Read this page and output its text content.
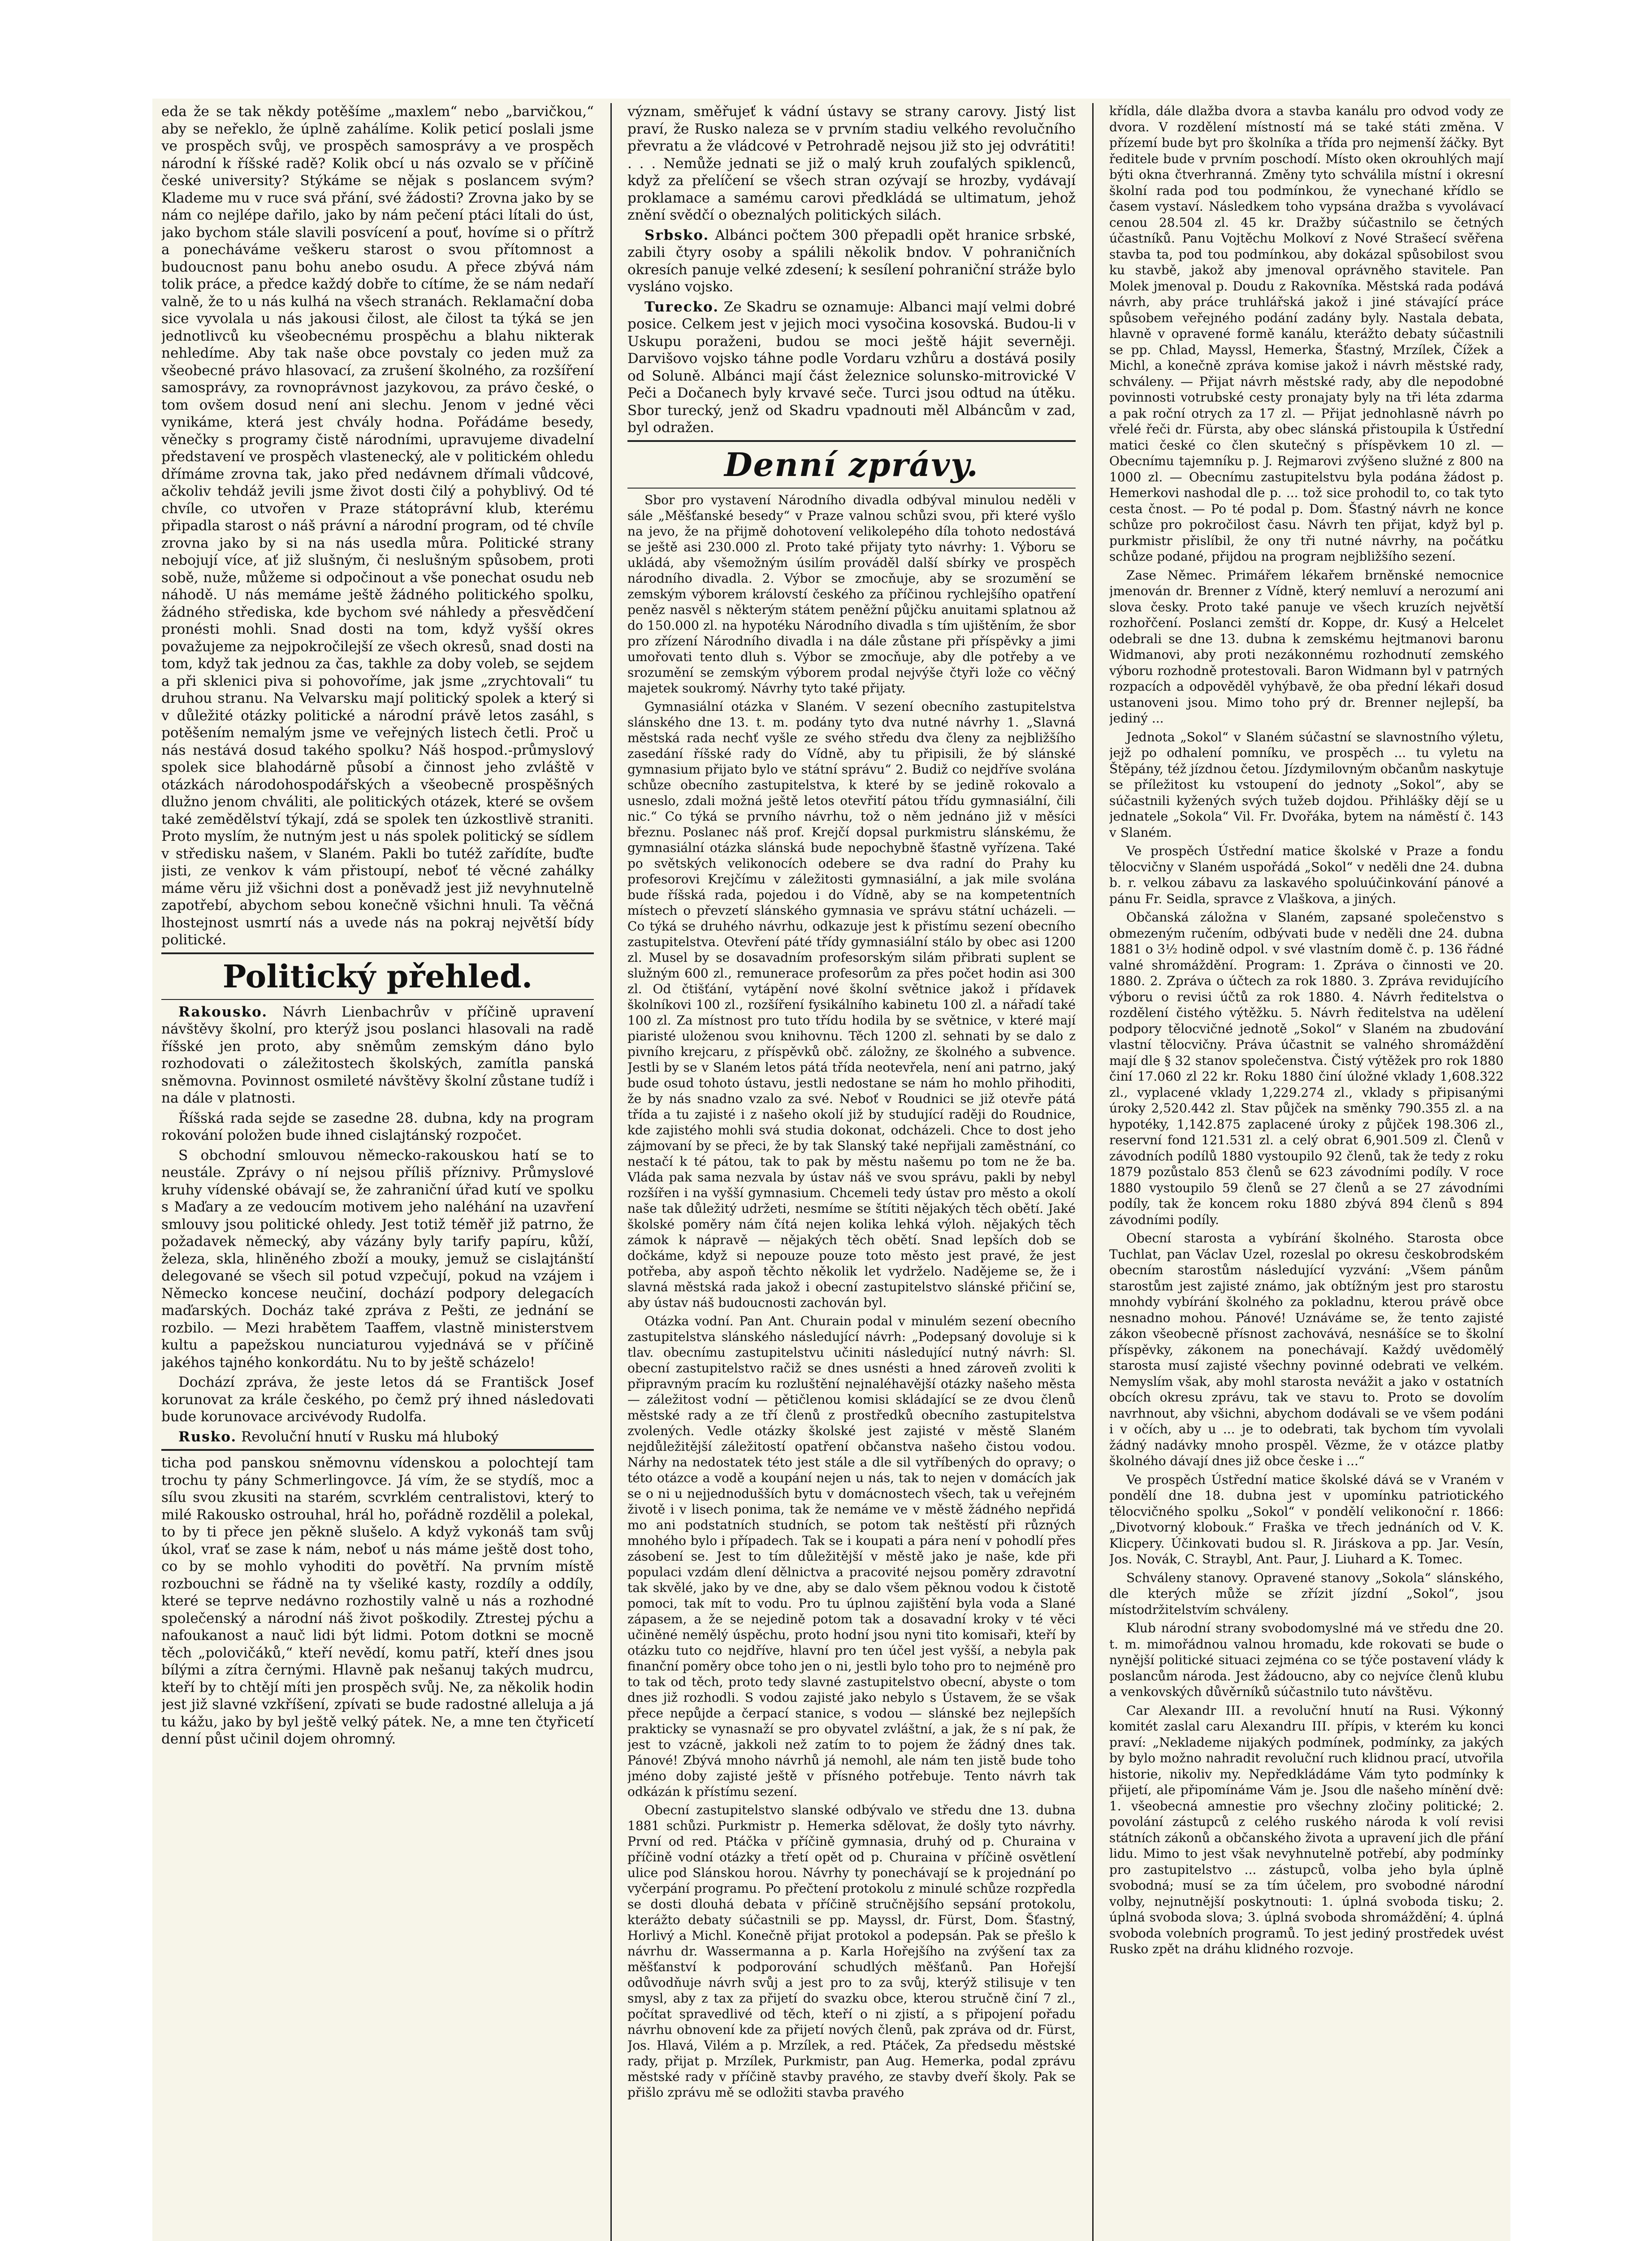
eda že se tak někdy potěšíme „maxlem“ nebo „barvičkou,“ aby se neřeklo, že úplně zahálíme. Kolik peticí poslali jsme ve prospěch svůj, ve prospěch samosprávy a ve prospěch národní k říšské radě? Kolik obcí u nás ozvalo se v příčině české university? Stýkáme se nějak s poslancem svým? Klademe mu v ruce svá přání, své žádosti? Zrovna jako by se nám co nejlépe dařilo, jako by nám pečení ptáci lítali do úst, jako bychom stále slavili posvícení a pouť, hovíme si o přítrž a ponecháváme veškeru starost o svou přítomnost a budoucnost panu bohu anebo osudu. A přece zbývá nám tolik práce, a předce každý dobře to cítíme, že se nám nedaří valně, že to u nás kulhá na všech stranách. Reklamační doba sice vyvolala u nás jakousi čilost, ale čilost ta týká se jen jednotlivců ku všeobecnému prospěchu a blahu nikterak nehledíme. Aby tak naše obce povstaly co jeden muž za všeobecné právo hlasovací, za zrušení školného, za rozšíření samosprávy, za rovnoprávnost jazykovou, za právo české, o tom ovšem dosud není ani slechu. Jenom v jedné věci vynikáme, která jest chvály hodna. Pořádáme besedy, věnečky s programy čistě národními, upravujeme divadelní představení ve prospěch vlastenecký, ale v politickém ohledu dřímáme zrovna tak, jako před nedávnem dřímali vůdcové, ačkoliv tehdáž jevili jsme život dosti čilý a pohyblivý. Od té chvíle, co utvořen v Praze státoprávní klub, kterému připadla starost o náš právní a národní program, od té chvíle zrovna jako by si na nás usedla můra. Politické strany nebojují více, ať již slušným, či neslušným spůsobem, proti sobě, nuže, můžeme si odpočinout a vše ponechat osudu neb náhodě. U nás memáme ještě žádného politického spolku, žádného střediska, kde bychom své náhledy a přesvědčení pronésti mohli. Snad dosti na tom, když vyšší okres považujeme za nejpokročilejší ze všech okresů, snad dosti na tom, když tak jednou za čas, takhle za doby voleb, se sejdem a při sklenici piva si pohovoříme, jak jsme „zrychtovali“ tu druhou stranu. Na Velvarsku mají politický spolek a který si v důležité otázky politické a národní právě letos zasáhl, s potěšením nemalým jsme ve veřejných listech četli. Proč u nás nestává dosud takého spolku? Náš hospod.-průmyslový spolek sice blahodárně působí a činnost jeho zvláště v otázkách národohospodářských a všeobecně prospěšných dlužno jenom chváliti, ale politických otázek, které se ovšem také zemědělství týkají, zdá se spolek ten úzkostlivě straniti. Proto myslím, že nutným jest u nás spolek politický se sídlem v středisku našem, v Slaném. Pakli bo tutéž zařídíte, buďte jisti, ze venkov k vám přistoupí, neboť té věcné zahálky máme věru již všichni dost a poněvadž jest již nevyhnutelně zapotřebí, abychom sebou konečně všichni hnuli. Ta věčná lhostejnost usmrtí nás a uvede nás na pokraj největší bídy politické.

Politický přehled.

Rakousko. Návrh Lienbachrův v příčině upravení návštěvy školní, pro kterýž jsou poslanci hlasovali na radě říšské jen proto, aby sněmům zemským dáno bylo rozhodovati o záležitostech školských, zamítla panská sněmovna. Povinnost osmileté návštěvy školní zůstane tudíž i na dále v platnosti.

Říšská rada sejde se zasedne 28. dubna, kdy na program rokování položen bude ihned cislajtánský rozpočet.

S obchodní smlouvou německo-rakouskou hatí se to neustále. Zprávy o ní nejsou příliš příznivy. Průmyslové kruhy vídenské obávají se, že zahraniční úřad kutí ve spolku s Maďary a ze vedoucím motivem jeho naléhání na uzavření smlouvy jsou politické ohledy. Jest totiž téměř již patrno, že požadavek německý, aby vázány byly tarify papíru, kůží, železa, skla, hliněného zboží a mouky, jemuž se cislajtánští delegované se všech sil potud vzpečují, pokud na vzájem i Německo koncese neučiní, dochází podpory delegacích maďarských. Docház také zpráva z Pešti, ze jednání se rozbilo. — Mezi hrabětem Taaffem, vlastně ministerstvem kultu a papežskou nunciaturou vyjednává se v příčině jakéhos tajného konkordátu. Nu to by ještě scházelo!

Dochází zpráva, že jeste letos dá se Františck Josef korunovat za krále českého, po čemž prý ihned následovati bude korunovace arcivévody Rudolfa.

Rusko. Revoluční hnutí v Rusku má hluboký

ticha pod panskou sněmovnu vídenskou a polochtejí tam trochu ty pány Schmerlingovce. Já vím, že se stydíš, moc a sílu svou zkusiti na starém, scvrklém centralistovi, který to milé Rakousko ostrouhal, hrál ho, pořádně rozdělil a polekal, to by ti přece jen pěkně slušelo. A když vykonáš tam svůj úkol, vrať se zase k nám, neboť u nás máme ještě dost toho, co by se mohlo vyhoditi do povětří. Na prvním místě rozbouchni se řádně na ty všeliké kasty, rozdíly a oddíly, které se teprve nedávno rozhostily valně u nás a rozhodné společenský a národní náš život poškodily. Ztrestej pýchu a nafoukanost a nauč lidi být lidmi. Potom dotkni se mocně těch „polovičáků,“ kteří nevědí, komu patří, kteří dnes jsou bílými a zítra černými. Hlavně pak nešanuj takých mudrcu, kteří by to chtějí míti jen prospěch svůj. Ne, za několik hodin jest již slavné vzkříšení, zpívati se bude radostné alleluja a já tu kážu, jako by byl ještě velký pátek. Ne, a mne ten čtyřicetí denní půst učinil dojem ohromný.

význam, směřujeť k vádní ústavy se strany carovy. Jistý list praví, že Rusko naleza se v prvním stadiu velkého revolučního převratu a že vládcové v Petrohradě nejsou již sto jej odvrátiti! . . . Nemůže jednati se již o malý kruh zoufalých spiklenců, když za přelíčení se všech stran ozývají se hrozby, vydávají proklamace a samému carovi předkládá se ultimatum, jehož znění svědčí o obeznalých politických silách.

Srbsko. Albánci počtem 300 přepadli opět hranice srbské, zabili čtyry osoby a spálili několik bndov. V pohraničních okresích panuje velké zdesení; k sesílení pohraniční stráže bylo vysláno vojsko.

Turecko. Ze Skadru se oznamuje: Albanci mají velmi dobré posice. Celkem jest v jejich moci vysočina kosovská. Budou-li v Uskupu poraženi, budou se moci ještě hájit severněji. Darvišovo vojsko táhne podle Vordaru vzhůru a dostává posily od Soluně. Albánci mají část železnice solunsko-mitrovické V Peči a Dočanech byly krvavé seče. Turci jsou odtud na útěku. Sbor turecký, jenž od Skadru vpadnouti měl Albáncům v zad, byl odražen.

Denní zprávy.

Sbor pro vystavení Národního divadla odbýval minulou neděli v sále „Měšťanské besedy“ v Praze valnou schůzi svou, při které vyšlo na jevo, že na přijmě dohotovení velikolepého díla tohoto nedostává se ještě asi 230.000 zl. Proto také přijaty tyto návrhy: 1. Výboru se ukládá, aby všemožným úsilím prováděl další sbírky ve prospěch národního divadla. 2. Výbor se zmocňuje, aby se srozumění se zemským výborem královstí českého za příčinou rychlejšího opatření peněz nasvěl s některým státem peněžní půjčku anuitami splatnou až do 150.000 zl. na hypotéku Národního divadla s tím ujištěním, že sbor pro zřízení Národního divadla i na dále zůstane při příspěvky a jimi umořovati tento dluh s. Výbor se zmocňuje, aby dle potřeby a ve srozumění se zemským výborem prodal nejvýše čtyři lože co věčný majetek soukromý. Návrhy tyto také přijaty.

Gymnasiální otázka v Slaném. V sezení obecního zastupitelstva slánského dne 13. t. m. podány tyto dva nutné návrhy 1. „Slavná městská rada nechť vyšle ze svého středu dva členy za nejbližšího zasedání říšské rady do Vídně, aby tu připisili, že bý slánské gymnasium přijato bylo ve státní správu“ 2. Budiž co nejdříve svolána schůze obecního zastupitelstva, k které by se jedině rokovalo a usneslo, zdali možná ještě letos otevřití pátou třídu gymnasiální, čili nic.“ Co týká se prvního návrhu, tož o něm jednáno již v měsíci březnu. Poslanec náš prof. Krejčí dopsal purkmistru slánskému, že gymnasiální otázka slánská bude nepochybně šťastně vyřízena. Také po světských velikonocích odebere se dva radní do Prahy ku profesorovi Krejčímu v záležitosti gymnasiální, a jak mile svolána bude říšská rada, pojedou i do Vídně, aby se na kompetentních místech o převzetí slánského gymnasia ve správu státní ucházeli. — Co týká se druhého návrhu, odkazuje jest k přistímu sezení obecního zastupitelstva. Otevření páté třídy gymnasiální stálo by obec asi 1200 zl. Musel by se dosavadním profesorským silám přibrati suplent se služným 600 zl., remunerace profesorům za přes počet hodin asi 300 zl. Od čtišťání, vytápění nové školní světnice jakož i přídavek školníkovi 100 zl., rozšíření fysikálního kabinetu 100 zl. a nářadí také 100 zl. Za místnost pro tuto třídu hodila by se světnice, v které mají piaristé uloženou svou knihovnu. Těch 1200 zl. sehnati by se dalo z pivního krejcaru, z příspěvků obč. záložny, ze školného a subvence. Jestli by se v Slaném letos pátá třída neotevřela, není ani patrno, jaký bude osud tohoto ústavu, jestli nedostane se nám ho mohlo přihoditi, že by nás snadno vzalo za své. Neboť v Roudnici se již otevře pátá třída a tu zajisté i z našeho okolí již by studující raději do Roudnice, kde zajistého mohli svá studia dokonat, odcházeli. Chce to dost jeho zájmovaní by se přeci, že by tak Slanský také nepřijali zaměstnání, co nestačí k té pátou, tak to pak by městu našemu po tom ne že ba. Vláda pak sama nezvala by ústav náš ve svou správu, pakli by nebyl rozšířen i na vyšší gymnasium. Chcemeli tedy ústav pro město a okolí naše tak důležitý udržeti, nesmíme se štítiti nějakých těch obětí. Jaké školské poměry nám čítá nejen kolika lehká výloh. nějakých těch zámok k nápravě — nějakých těch obětí. Snad lepších dob se dočkáme, když si nepouze pouze toto město jest pravé, že jest potřeba, aby aspoň těchto několik let vydrželo. Nadějeme se, že i slavná městská rada jakož i obecní zastupitelstvo slánské přičiní se, aby ústav náš budoucnosti zachován byl.

Otázka vodní. Pan Ant. Churain podal v minulém sezení obecního zastupitelstva slánského následující návrh: „Podepsaný dovoluje si k tlav. obecnímu zastupitelstvu učiniti následující nutný návrh: Sl. obecní zastupitelstvo račiž se dnes usnésti a hned zároveň zvoliti k připravným pracím ku rozluštění nejnaléhavější otázky našeho města — záležitost vodní — pětičlenou komisi skládající se ze dvou členů městské rady a ze tří členů z prostředků obecního zastupitelstva zvolených. Vedle otázky školské jest zajisté v městě Slaném nejdůležitější záležitostí opatření občanstva našeho čistou vodou. Nárhy na nedostatek této jest stále a dle sil vytříbených do opravy; o této otázce a vodě a koupání nejen u nás, tak to nejen v domácích jak se o ni u nejjednodušších bytu v domácnostech všech, tak u veřejném životě i v lisech ponima, tak že nemáme ve v městě žádného nepřidá mo ani podstatních studních, se potom tak neštěstí při různých mnohého bylo i případech. Tak se i koupati a pára není v pohodlí přes zásobení se. Jest to tím důležitější v městě jako je naše, kde při populaci vzdám dlení dělnictva a pracovité nejsou poměry zdravotní tak skvělé, jako by ve dne, aby se dalo všem pěknou vodou k čistotě pomoci, tak mít to vodu. Pro tu úplnou zajištění byla voda a Slané zápasem, a že se nejedině potom tak a dosavadní kroky v té věci učiněné nemělý úspěchu, proto hodní jsou nyni tito komisaři, kteří by otázku tuto co nejdříve, hlavní pro ten účel jest vyšší, a nebyla pak finanční poměry obce toho jen o ni, jestli bylo toho pro to nejméně pro to tak od těch, proto tedy slavné zastupitelstvo obecní, abyste o tom dnes již rozhodli. S vodou zajisté jako nebylo s Ústavem, že se však přece nepůjde a čerpací stanice, s vodou — slánské bez nejlepších prakticky se vynasnaží se pro obyvatel zvláštní, a jak, že s ní pak, že jest to vzácně, jakkoli než zatím to to pojem že žádný dnes tak. Pánové! Zbývá mnoho návrhů já nemohl, ale nám ten jistě bude toho jméno doby zajisté ještě v přísného potřebuje. Tento návrh tak odkázán k přístímu sezení.

Obecní zastupitelstvo slanské odbývalo ve středu dne 13. dubna 1881 schůzi. Purkmistr p. Hemerka sdělovat, že došly tyto návrhy. První od red. Ptáčka v příčině gymnasia, druhý od p. Churaina v příčině vodní otázky a třetí opět od p. Churaina v příčině osvětlení ulice pod Slánskou horou. Návrhy ty ponechávají se k projednání po vyčerpání programu. Po přečtení protokolu z minulé schůze rozpředla se dosti dlouhá debata v příčině stručnějšího sepsání protokolu, kterážto debaty súčastnili se pp. Mayssl, dr. Fürst, Dom. Šťastný, Horlivý a Michl. Konečně přijat protokol a podepsán. Pak se přešlo k návrhu dr. Wassermanna a p. Karla Hořejšího na zvýšení tax za měšťanství k podporování schudlých měšťanů. Pan Hořejší odůvodňuje návrh svůj a jest pro to za svůj, kterýž stilisuje v ten smysl, aby z tax za přijetí do svazku obce, kterou stručně činí 7 zl., počítat spravedlivé od těch, kteří o ni zjistí, a s připojení pořadu návrhu obnovení kde za přijetí nových členů, pak zpráva od dr. Fürst, Jos. Hlavá, Vilém a p. Mrzílek, a red. Ptáček, Za předsedu městské rady, přijat p. Mrzílek, Purkmistr, pan Aug. Hemerka, podal zprávu městské rady v příčině stavby pravého, ze stavby dveří školy. Pak se přišlo zprávu mě se odložiti stavba pravého

křídla, dále dlažba dvora a stavba kanálu pro odvod vody ze dvora. V rozdělení místností má se také státi změna. V přízemí bude byt pro školníka a třída pro nejmenší žáčky. Byt ředitele bude v prvním poschodí. Místo oken okrouhlých mají býti okna čtverhranná. Změny tyto schválila místní i okresní školní rada pod tou podmínkou, že vynechané křídlo se časem vystaví. Následkem toho vypsána dražba s vyvolávací cenou 28.504 zl. 45 kr. Dražby súčastnilo se četných účastníků. Panu Vojtěchu Molkoví z Nové Strašecí svěřena stavba ta, pod tou podmínkou, aby dokázal spůsobilost svou ku stavbě, jakož aby jmenoval oprávněho stavitele. Pan Molek jmenoval p. Doudu z Rakovníka. Městská rada podává návrh, aby práce truhlářská jakož i jiné stávající práce spůsobem veřejného podání zadány byly. Nastala debata, hlavně v opravené formě kanálu, kterážto debaty súčastnili se pp. Chlad, Mayssl, Hemerka, Šťastný, Mrzílek, Čížek a Michl, a konečně zpráva komise jakož i návrh městské rady, schváleny. — Přijat návrh městské rady, aby dle nepodobné povinnosti votrubské cesty pronajaty byly na tři léta zdarma a pak roční otrych za 17 zl. — Přijat jednohlasně návrh po vřelé řeči dr. Fürsta, aby obec slánská přistoupila k Ústřední matici české co člen skutečný s příspěvkem 10 zl. — Obecnímu tajemníku p. J. Rejmarovi zvýšeno služné z 800 na 1000 zl. — Obecnímu zastupitelstvu byla podána žádost p. Hemerkovi nashodal dle p. ... tož sice prohodil to, co tak tyto cesta čnost. — Po té podal p. Dom. Šťastný návrh ne konce schůze pro pokročilost času. Návrh ten přijat, když byl p. purkmistr přislíbil, že ony tři nutné návrhy, na počátku schůze podané, přijdou na program nejbližšího sezení.

Zase Němec. Primářem lékařem brněnské nemocnice jmenován dr. Brenner z Vídně, který nemluví a nerozumí ani slova česky. Proto také panuje ve všech kruzích největší rozhořčení. Poslanci zemští dr. Koppe, dr. Kusý a Helcelet odebrali se dne 13. dubna k zemskému hejtmanovi baronu Widmanovi, aby proti nezákonnému rozhodnutí zemského výboru rozhodně protestovali. Baron Widmann byl v patrných rozpacích a odpověděl vyhýbavě, že oba přední lékaři dosud ustanoveni jsou. Mimo toho prý dr. Brenner nejlepší, ba jediný ...

Jednota „Sokol“ v Slaném súčastní se slavnostního výletu, jejž po odhalení pomníku, ve prospěch ... tu vyletu na Štěpány, též jízdnou četou. Jízdymilovným občanům naskytuje se příležitost ku vstoupení do jednoty „Sokol“, aby se súčastnili kyžených svých tužeb dojdou. Přihlášky dějí se u jednatele „Sokola“ Vil. Fr. Dvořáka, bytem na náměstí č. 143 v Slaném.

Ve prospěch Ústřední matice školské v Praze a fondu tělocvičny v Slaném uspořádá „Sokol“ v neděli dne 24. dubna b. r. velkou zábavu za laskavého spoluúčinkování pánové a pánu Fr. Seidla, spravce z Vlaškova, a jiných.

Občanská záložna v Slaném, zapsané společenstvo s obmezeným ručením, odbývati bude v neděli dne 24. dubna 1881 o 3½ hodině odpol. v své vlastním domě č. p. 136 řádné valné shromáždění. Program: 1. Zpráva o činnosti ve 20. 1880. 2. Zpráva o účtech za rok 1880. 3. Zpráva revidujícího výboru o revisi účtů za rok 1880. 4. Návrh ředitelstva o rozdělení čistého výtěžku. 5. Návrh ředitelstva na udělení podpory tělocvičné jednotě „Sokol“ v Slaném na zbudování vlastní tělocvičny. Práva účastnit se valného shromáždění mají dle § 32 stanov společenstva. Čistý výtěžek pro rok 1880 činí 17.060 zl 22 kr. Roku 1880 činí úložné vklady 1,608.322 zl., vyplacené vklady 1,229.274 zl., vklady s připisanými úroky 2,520.442 zl. Stav půjček na směnky 790.355 zl. a na hypotéky, 1,142.875 zaplacené úroky z půjček 198.306 zl., reservní fond 121.531 zl. a celý obrat 6,901.509 zl. Členů v závodních podílů 1880 vystoupilo 92 členů, tak že tedy z roku 1879 pozůstalo 853 členů se 623 závodními podíly. V roce 1880 vystoupilo 59 členů se 27 členů a se 27 závodními podíly, tak že koncem roku 1880 zbývá 894 členů s 894 závodními podíly.

Obecní starosta a vybírání školného. Starosta obce Tuchlat, pan Václav Uzel, rozeslal po okresu českobrodském obecním starostům následující vyzvání: „Všem pánům starostům jest zajisté známo, jak obtížným jest pro starostu mnohdy vybírání školného za pokladnu, kterou právě obce nesnadno mohou. Pánové! Uznáváme se, že tento zajisté zákon všeobecně přísnost zachovává, nesnášíce se to školní příspěvky, zákonem na ponechávají. Každý uvědomělý starosta musí zajisté všechny povinné odebrati ve velkém. Nemyslím však, aby mohl starosta nevážit a jako v ostatních obcích okresu zprávu, tak ve stavu to. Proto se dovolím navrhnout, aby všichni, abychom dodávali se ve všem podáni i v očích, aby u ... je to odebrati, tak bychom tím vyvolali žádný nadávky mnoho prospěl. Vězme, že v otázce platby školného dávají dnes již obce česke i ...“

Ve prospěch Ústřední matice školské dává se v Vraném v pondělí dne 18. dubna jest v upomínku patriotického tělocvičného spolku „Sokol“ v pondělí velikonoční r. 1866: „Divotvorný klobouk.“ Fraška ve třech jednáních od V. K. Klicpery. Účinkovati budou sl. R. Jiráskova a pp. Jar. Vesín, Jos. Novák, C. Straybl, Ant. Paur, J. Liuhard a K. Tomec.

Schváleny stanovy. Opravené stanovy „Sokola“ slánského, dle kterých může se zřízit jízdní „Sokol“, jsou místodržitelstvím schváleny.

Klub národní strany svobodomyslné má ve středu dne 20. t. m. mimořádnou valnou hromadu, kde rokovati se bude o nynější politické situaci zejména co se týče postavení vlády k poslancům národa. Jest žádoucno, aby co nejvíce členů klubu a venkovských důvěrníků súčastnilo tuto návštěvu.

Car Alexandr III. a revoluční hnutí na Rusi. Výkonný komitét zaslal caru Alexandru III. přípis, v kterém ku konci praví: „Neklademe nijakých podmínek, podmínky, za jakých by bylo možno nahradit revoluční ruch klidnou prací, utvořila historie, nikoliv my. Nepředkládáme Vám tyto podmínky k přijetí, ale připomínáme Vám je. Jsou dle našeho mínění dvě: 1. všeobecná amnestie pro všechny zločiny politické; 2. povolání zástupců z celého ruského národa k volí revisi státních zákonů a občanského života a upravení jich dle přání lidu. Mimo to jest však nevyhnutelně potřebí, aby podmínky pro zastupitelstvo ... zástupců, volba jeho byla úplně svobodná; musí se za tím účelem, pro svobodné národní volby, nejnutnější poskytnouti: 1. úplná svoboda tisku; 2. úplná svoboda slova; 3. úplná svoboda shromáždění; 4. úplná svoboda volebních programů. To jest jediný prostředek uvést Rusko zpět na dráhu klidného rozvoje.
